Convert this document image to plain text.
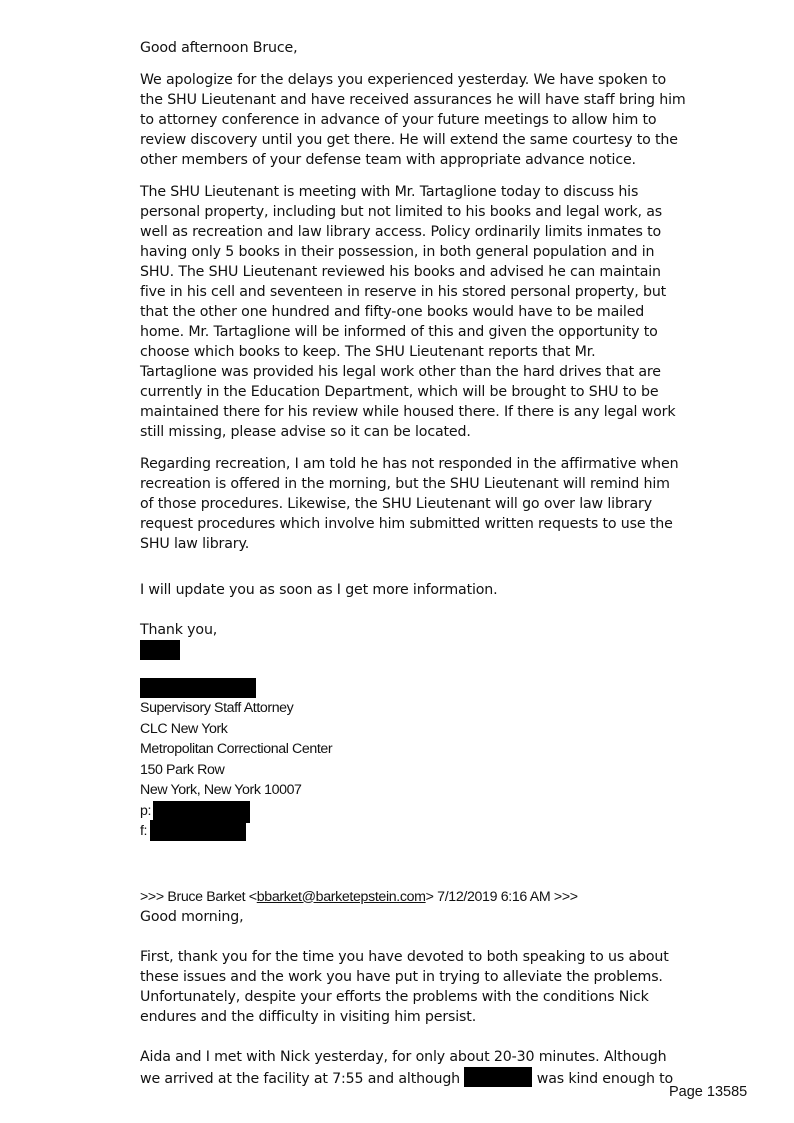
Good afternoon Bruce,
We apologize for the delays you experienced yesterday. We have spoken to
the SHU Lieutenant and have received assurances he will have staff bring him
to attorney conference in advance of your future meetings to allow him to
review discovery until you get there. He will extend the same courtesy to the
other members of your defense team with appropriate advance notice.
The SHU Lieutenant is meeting with Mr. Tartaglione today to discuss his
personal property, including but not limited to his books and legal work, as
well as recreation and law library access. Policy ordinarily limits inmates to
having only 5 books in their possession, in both general population and in
SHU. The SHU Lieutenant reviewed his books and advised he can maintain
five in his cell and seventeen in reserve in his stored personal property, but
that the other one hundred and fifty-one books would have to be mailed
home. Mr. Tartaglione will be informed of this and given the opportunity to
choose which books to keep. The SHU Lieutenant reports that Mr.
Tartaglione was provided his legal work other than the hard drives that are
currently in the Education Department, which will be brought to SHU to be
maintained there for his review while housed there. If there is any legal work
still missing, please advise so it can be located.
Regarding recreation, I am told he has not responded in the affirmative when
recreation is offered in the morning, but the SHU Lieutenant will remind him
of those procedures. Likewise, the SHU Lieutenant will go over law library
request procedures which involve him submitted written requests to use the
SHU law library.
I will update you as soon as I get more information.
Thank you,
Supervisory Staff Attorney
CLC New York
Metropolitan Correctional Center
150 Park Row
New York, New York 10007
p:
f:
>>> Bruce Barket <bbarket@barketepstein.com> 7/12/2019 6:16 AM >>>
Good morning,
First, thank you for the time you have devoted to both speaking to us about
these issues and the work you have put in trying to alleviate the problems.
Unfortunately, despite your efforts the problems with the conditions Nick
endures and the difficulty in visiting him persist.
Aida and I met with Nick yesterday, for only about 20-30 minutes. Although
we arrived at the facility at 7:55 and although	was kind enough to
Page 13585
